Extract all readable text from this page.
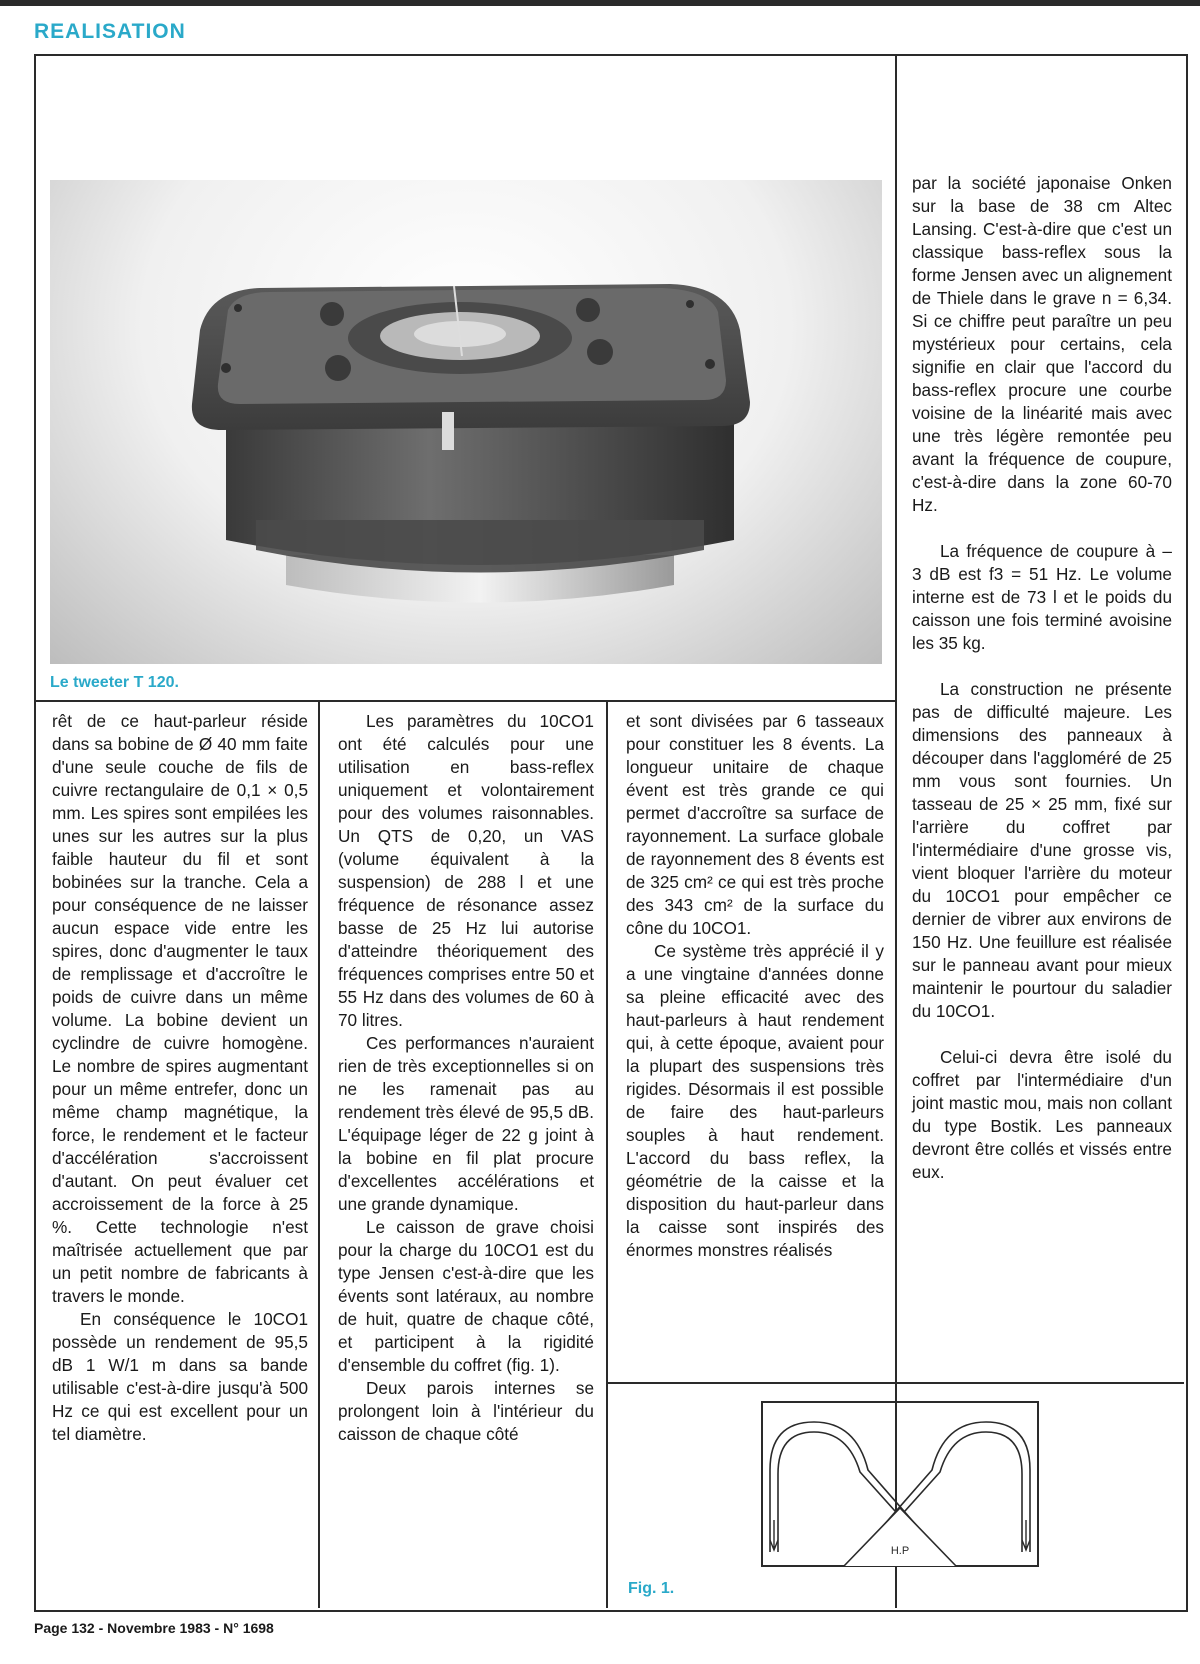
REALISATION
Le tweeter T 120.

rêt de ce haut-parleur réside dans sa bobine de Ø 40 mm faite d'une seule couche de fils de cuivre rectangulaire de 0,1 × 0,5 mm. Les spires sont empilées les unes sur les autres sur la plus faible hauteur du fil et sont bobinées sur la tranche. Cela a pour conséquence de ne laisser aucun espace vide entre les spires, donc d'augmenter le taux de remplissage et d'accroître le poids de cuivre dans un même volume. La bobine devient un cyclindre de cuivre homogène. Le nombre de spires augmentant pour un même entrefer, donc un même champ magnétique, la force, le rendement et le facteur d'accélération s'accroissent d'autant. On peut évaluer cet accroissement de la force à 25 %. Cette technologie n'est maîtrisée actuellement que par un petit nombre de fabricants à travers le monde.

En conséquence le 10CO1 possède un rendement de 95,5 dB 1 W/1 m dans sa bande utilisable c'est-à-dire jusqu'à 500 Hz ce qui est excellent pour un tel diamètre.

Les paramètres du 10CO1 ont été calculés pour une utilisation en bass-reflex uniquement et volontairement pour des volumes raisonnables. Un QTS de 0,20, un VAS (volume équivalent à la suspension) de 288 l et une fréquence de résonance assez basse de 25 Hz lui autorise d'atteindre théoriquement des fréquences comprises entre 50 et 55 Hz dans des volumes de 60 à 70 litres.

Ces performances n'auraient rien de très exceptionnelles si on ne les ramenait pas au rendement très élevé de 95,5 dB. L'équipage léger de 22 g joint à la bobine en fil plat procure d'excellentes accélérations et une grande dynamique.

Le caisson de grave choisi pour la charge du 10CO1 est du type Jensen c'est-à-dire que les évents sont latéraux, au nombre de huit, quatre de chaque côté, et participent à la rigidité d'ensemble du coffret (fig. 1).

Deux parois internes se prolongent loin à l'intérieur du caisson de chaque côté

et sont divisées par 6 tasseaux pour constituer les 8 évents. La longueur unitaire de chaque évent est très grande ce qui permet d'accroître sa surface de rayonnement. La surface globale de rayonnement des 8 évents est de 325 cm² ce qui est très proche des 343 cm² de la surface du cône du 10CO1.

Ce système très apprécié il y a une vingtaine d'années donne sa pleine efficacité avec des haut-parleurs à haut rendement qui, à cette époque, avaient pour la plupart des suspensions très rigides. Désormais il est possible de faire des haut-parleurs souples à haut rendement. L'accord du bass reflex, la géométrie de la caisse et la disposition du haut-parleur dans la caisse sont inspirés des énormes monstres réalisés

par la société japonaise Onken sur la base de 38 cm Altec Lansing. C'est-à-dire que c'est un classique bass-reflex sous la forme Jensen avec un alignement de Thiele dans le grave n = 6,34. Si ce chiffre peut paraître un peu mystérieux pour certains, cela signifie en clair que l'accord du bass-reflex procure une courbe voisine de la linéarité mais avec une très légère remontée peu avant la fréquence de coupure, c'est-à-dire dans la zone 60-70 Hz.

La fréquence de coupure à – 3 dB est f3 = 51 Hz. Le volume interne est de 73 l et le poids du caisson une fois terminé avoisine les 35 kg.

La construction ne présente pas de difficulté majeure. Les dimensions des panneaux à découper dans l'aggloméré de 25 mm vous sont fournies. Un tasseau de 25 × 25 mm, fixé sur l'arrière du coffret par l'intermédiaire d'une grosse vis, vient bloquer l'arrière du moteur du 10CO1 pour empêcher ce dernier de vibrer aux environs de 150 Hz. Une feuillure est réalisée sur le panneau avant pour mieux maintenir le pourtour du saladier du 10CO1.

Celui-ci devra être isolé du coffret par l'intermédiaire d'un joint mastic mou, mais non collant du type Bostik. Les panneaux devront être collés et vissés entre eux.

H.P
Fig. 1.
Page 132 - Novembre 1983 - N° 1698
